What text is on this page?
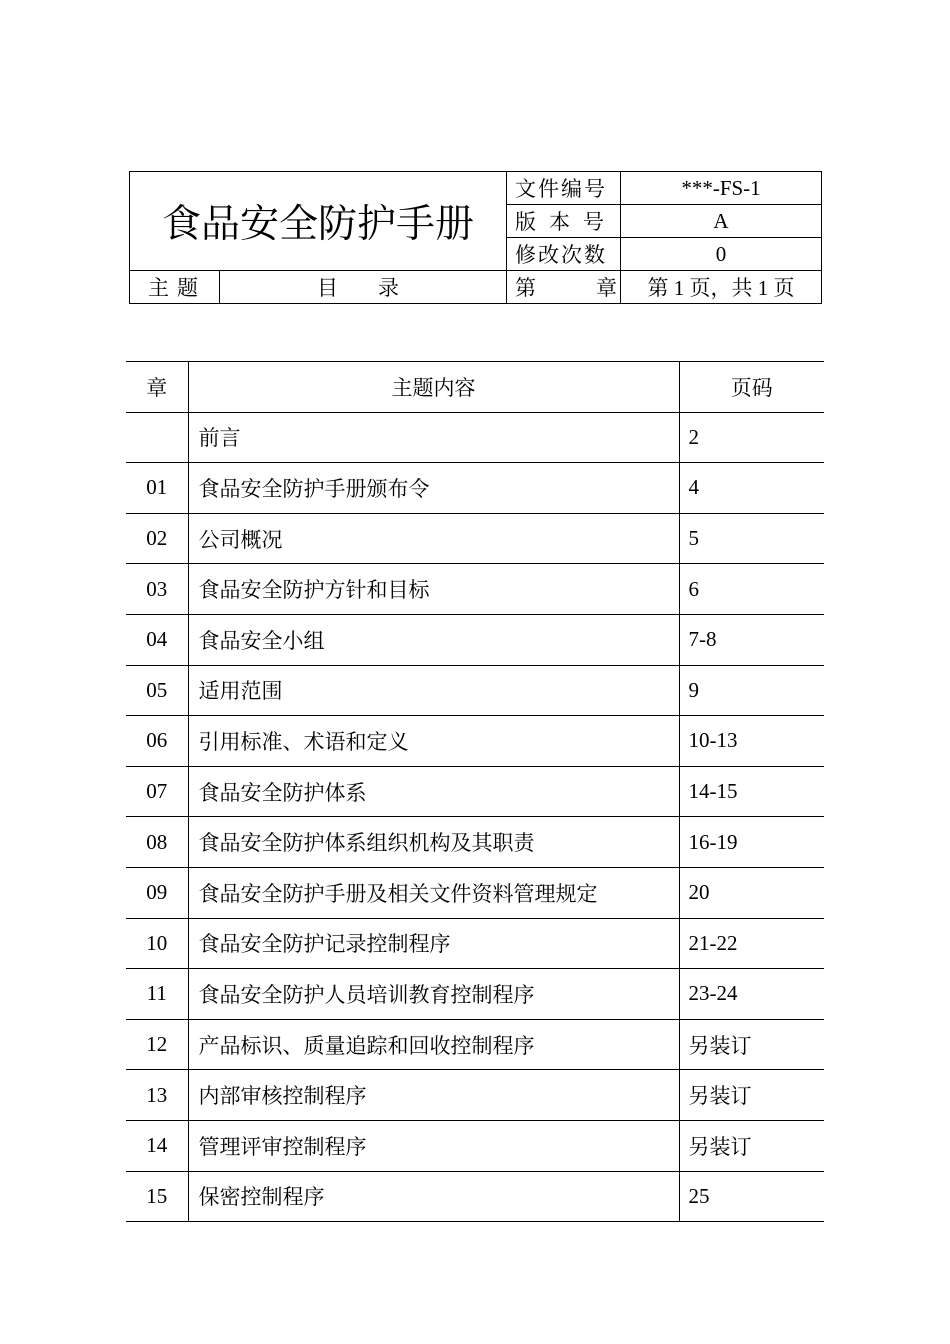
食品安全防护手册		文件编号	***-FS-1
		版本号	A
		修改次数	0
主题	目录	第章	第 1 页，共 1 页
章	主题内容	页码
	前言	2
01	食品安全防护手册颁布令	4
02	公司概况	5
03	食品安全防护方针和目标	6
04	食品安全小组	7-8
05	适用范围	9
06	引用标准、术语和定义	10-13
07	食品安全防护体系	14-15
08	食品安全防护体系组织机构及其职责	16-19
09	食品安全防护手册及相关文件资料管理规定	20
10	食品安全防护记录控制程序	21-22
11	食品安全防护人员培训教育控制程序	23-24
12	产品标识、质量追踪和回收控制程序	另装订
13	内部审核控制程序	另装订
14	管理评审控制程序	另装订
15	保密控制程序	25
